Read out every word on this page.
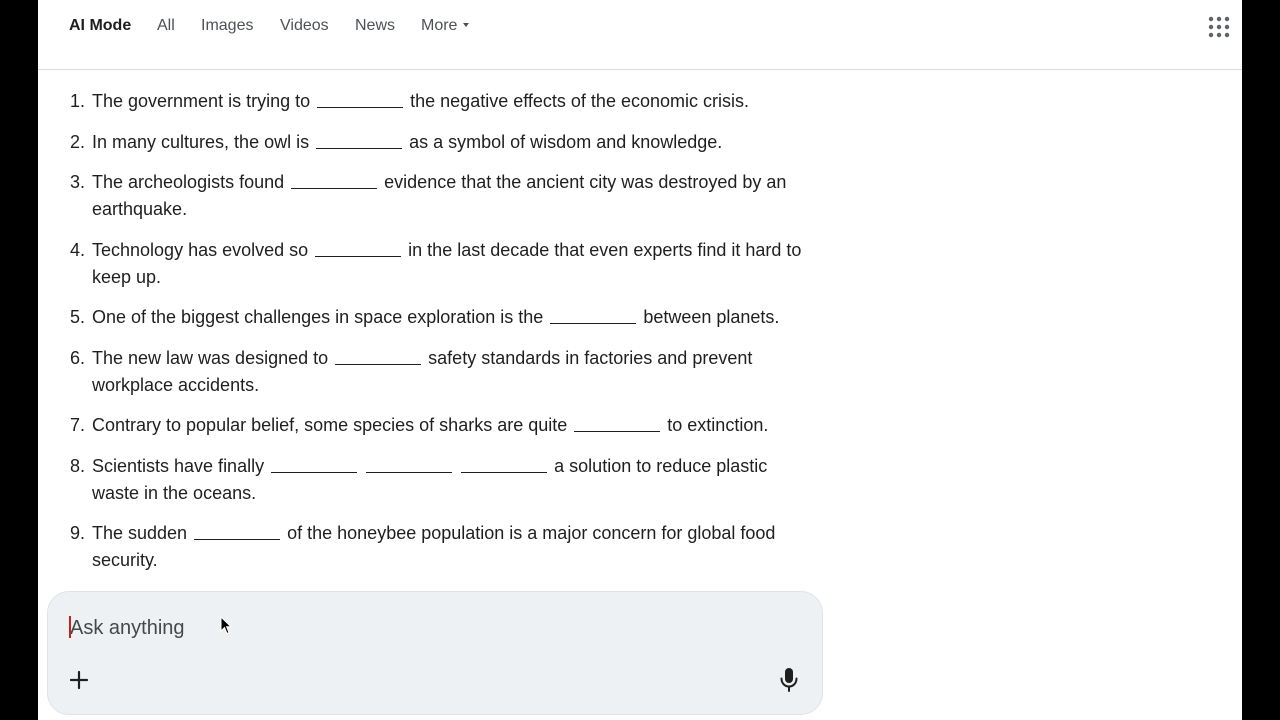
1. The government is trying to	the negative effects of the economic crisis.
2. In many cultures, the owl is	as a symbol of wisdom and knowledge.
3. The archeologists found	evidence that the ancient city was destroyed by an earthquake.
4. Technology has evolved so	in the last decade that even experts find it hard to keep up.
5. One of the biggest challenges in space exploration is the	between planets.
6. The new law was designed to	safety standards in factories and prevent workplace accidents.
7. Contrary to popular belief, some species of sharks are quite	to extinction.
8. Scientists have finally	a solution to reduce plastic waste in the oceans.
9. The sudden	of the honeybee population is a major concern for global food security.
AI Mode All Images Videos News More
Ask anything
